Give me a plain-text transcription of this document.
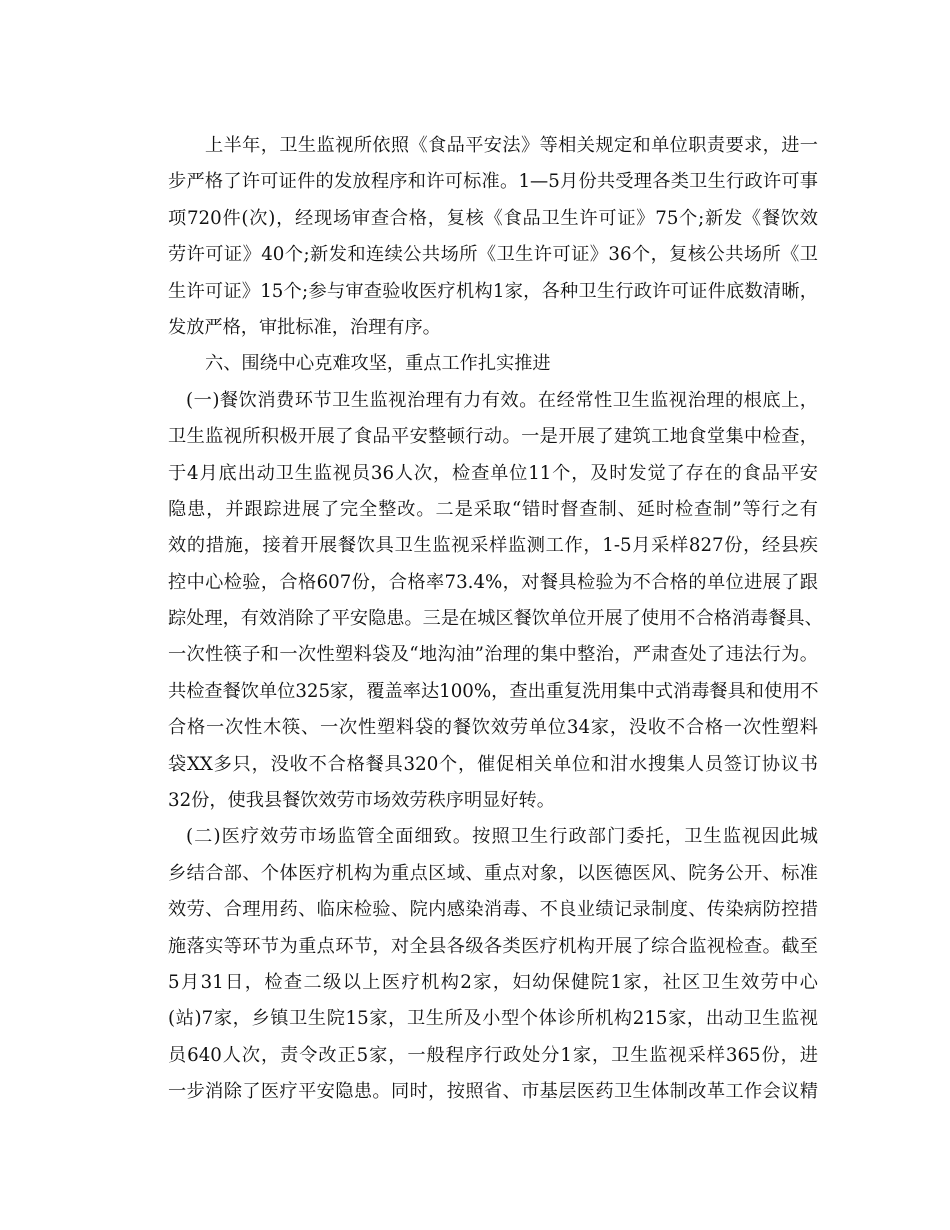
上半年，卫生监视所依照《食品平安法》等相关规定和单位职责要求，进一
步严格了许可证件的发放程序和许可标准。1—5月份共受理各类卫生行政许可事
项720件(次)，经现场审查合格，复核《食品卫生许可证》75个;新发《餐饮效
劳许可证》40个;新发和连续公共场所《卫生许可证》36个，复核公共场所《卫
生许可证》15个;参与审查验收医疗机构1家，各种卫生行政许可证件底数清晰，
发放严格，审批标准，治理有序。
六、围绕中心克难攻坚，重点工作扎实推进
(一)餐饮消费环节卫生监视治理有力有效。在经常性卫生监视治理的根底上，
卫生监视所积极开展了食品平安整顿行动。一是开展了建筑工地食堂集中检查，
于4月底出动卫生监视员36人次，检查单位11个，及时发觉了存在的食品平安
隐患，并跟踪进展了完全整改。二是采取“错时督查制、延时检查制”等行之有
效的措施，接着开展餐饮具卫生监视采样监测工作，1-5月采样827份，经县疾
控中心检验，合格607份，合格率73.4%，对餐具检验为不合格的单位进展了跟
踪处理，有效消除了平安隐患。三是在城区餐饮单位开展了使用不合格消毒餐具、
一次性筷子和一次性塑料袋及“地沟油”治理的集中整治，严肃查处了违法行为。
共检查餐饮单位325家，覆盖率达100%，查出重复洗用集中式消毒餐具和使用不
合格一次性木筷、一次性塑料袋的餐饮效劳单位34家，没收不合格一次性塑料
袋XX多只，没收不合格餐具320个，催促相关单位和泔水搜集人员签订协议书
32份，使我县餐饮效劳市场效劳秩序明显好转。
(二)医疗效劳市场监管全面细致。按照卫生行政部门委托，卫生监视因此城
乡结合部、个体医疗机构为重点区域、重点对象，以医德医风、院务公开、标准
效劳、合理用药、临床检验、院内感染消毒、不良业绩记录制度、传染病防控措
施落实等环节为重点环节，对全县各级各类医疗机构开展了综合监视检查。截至
5月31日，检查二级以上医疗机构2家，妇幼保健院1家，社区卫生效劳中心
(站)7家，乡镇卫生院15家，卫生所及小型个体诊所机构215家，出动卫生监视
员640人次，责令改正5家，一般程序行政处分1家，卫生监视采样365份，进
一步消除了医疗平安隐患。同时，按照省、市基层医药卫生体制改革工作会议精
